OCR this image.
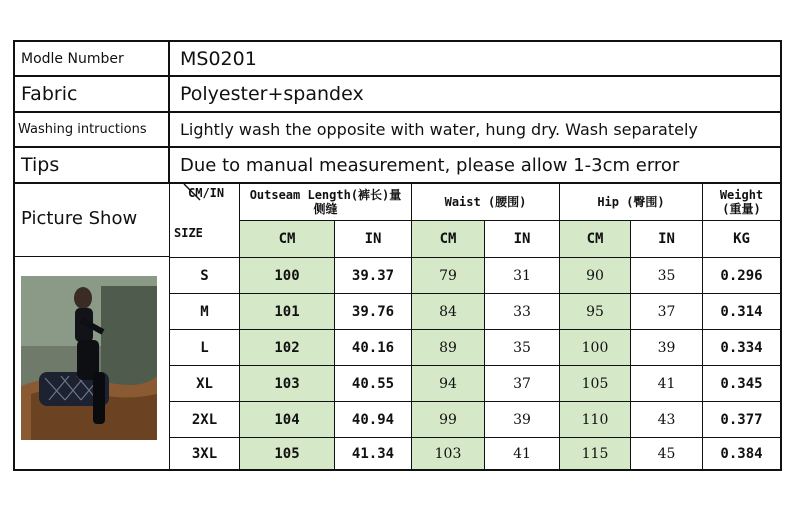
Modle Number	MS0201
Fabric	Polyester+spandex
Washing intructions	Lightly wash the opposite with water, hung dry. Wash separately
Tips	Due to manual measurement, please allow 1-3cm error
Picture Show
CM/IN
SIZE
Outseam Length(裤长)量侧缝	Waist (腰围)	Hip (臀围)	Weight (重量)
CM	IN	CM	IN	CM	IN	KG
S	100	39.37	79	31	90	35	0.296
M	101	39.76	84	33	95	37	0.314
L	102	40.16	89	35	100	39	0.334
XL	103	40.55	94	37	105	41	0.345
2XL	104	40.94	99	39	110	43	0.377
3XL	105	41.34	103	41	115	45	0.384
